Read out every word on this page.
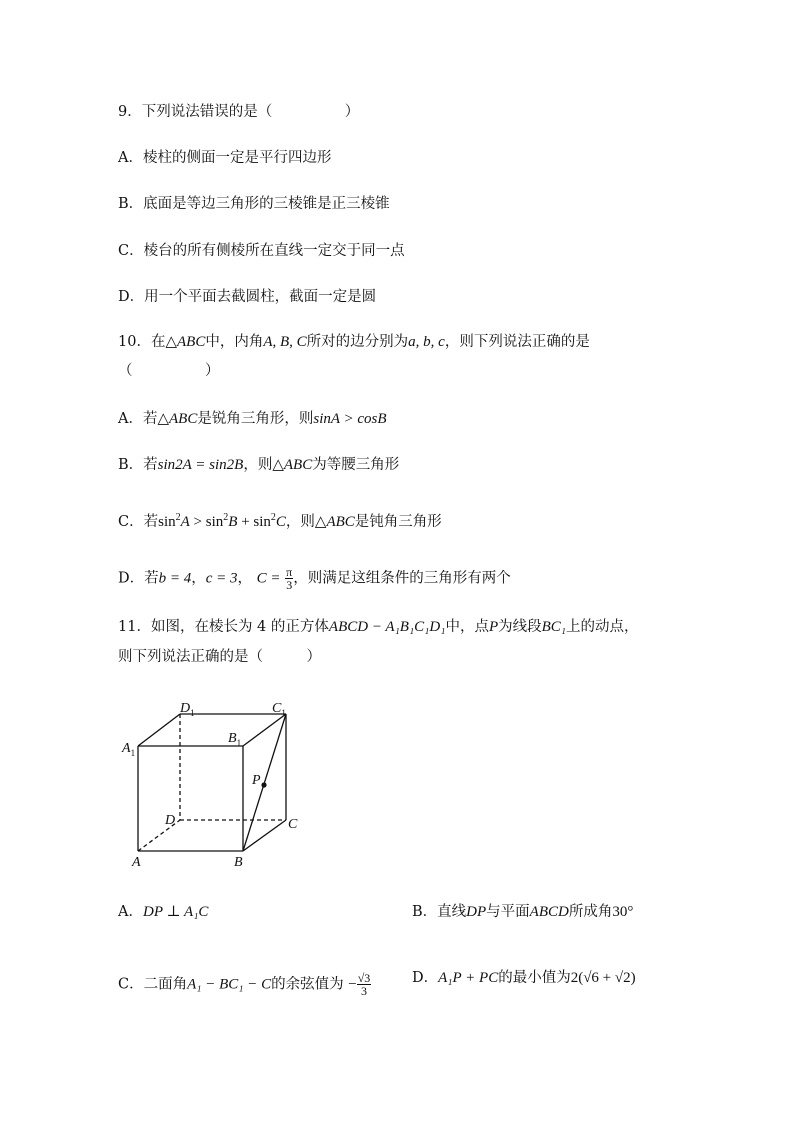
9．下列说法错误的是（　　　　　）
A．棱柱的侧面一定是平行四边形
B．底面是等边三角形的三棱锥是正三棱锥
C．棱台的所有侧棱所在直线一定交于同一点
D．用一个平面去截圆柱，截面一定是圆
10．在△ABC中，内角A, B, C所对的边分别为a, b, c，则下列说法正确的是
（　　　　　）
A．若△ABC是锐角三角形，则sinA > cosB
B．若sin2A = sin2B，则△ABC为等腰三角形
C．若$\sin^2A > \sin^2B + \sin^2C$，则△ABC是钝角三角形
D．若b = 4，c = 3， $C = \frac{\pi}{3}$ ，则满足这组条件的三角形有两个
11．如图，在棱长为 4 的正方体ABCD − A₁B₁C₁D₁中，点P为线段BC₁上的动点，
则下列说法正确的是（　　　）
$A_1$
$B_1$
$D_1$	$C_1$
P
D	C
A	B
A．DP ⊥ A₁C	B．直线DP与平面ABCD所成角30°
C．二面角A₁ − BC₁ − C的余弦值为 − $\frac{√3}{3}$	D．A₁P + PC的最小值为2(√6 + √2)
